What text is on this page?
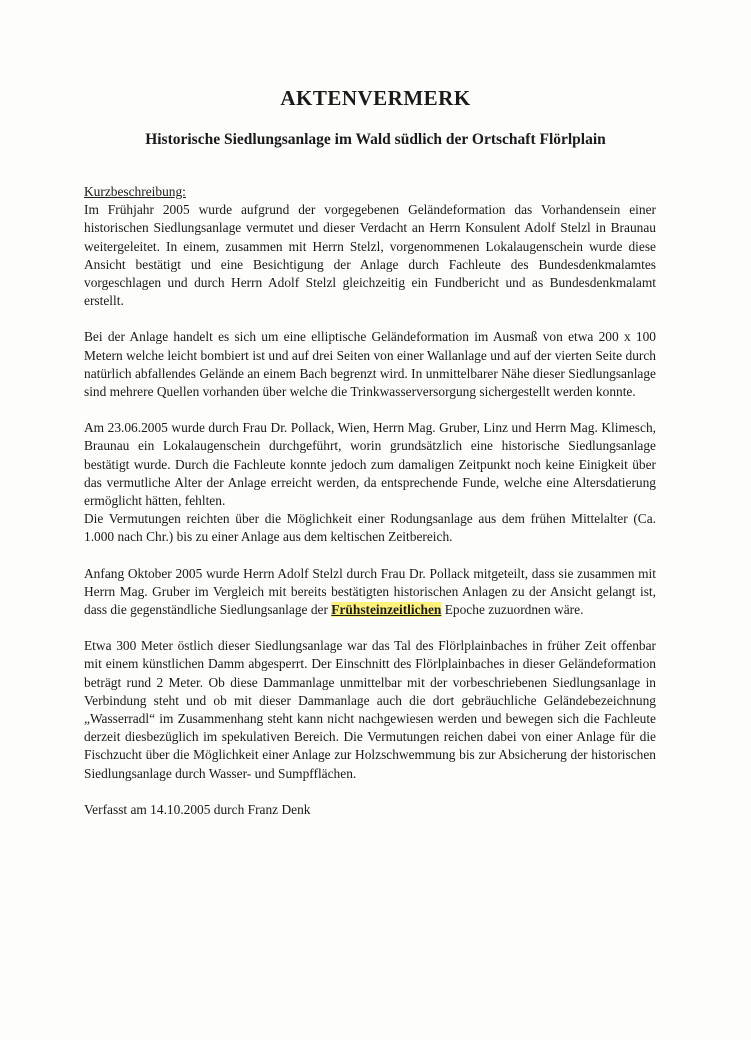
AKTENVERMERK
Historische Siedlungsanlage im Wald südlich der Ortschaft Flörlplain
Kurzbeschreibung:

Im Frühjahr 2005 wurde aufgrund der vorgegebenen Geländeformation das Vorhandensein einer historischen Siedlungsanlage vermutet und dieser Verdacht an Herrn Konsulent Adolf Stelzl in Braunau weitergeleitet. In einem, zusammen mit Herrn Stelzl, vorgenommenen Lokalaugenschein wurde diese Ansicht bestätigt und eine Besichtigung der Anlage durch Fachleute des Bundesdenkmalamtes vorgeschlagen und durch Herrn Adolf Stelzl gleichzeitig ein Fundbericht und as Bundesdenkmalamt erstellt.

Bei der Anlage handelt es sich um eine elliptische Geländeformation im Ausmaß von etwa 200 x 100 Metern welche leicht bombiert ist und auf drei Seiten von einer Wallanlage und auf der vierten Seite durch natürlich abfallendes Gelände an einem Bach begrenzt wird. In unmittelbarer Nähe dieser Siedlungsanlage sind mehrere Quellen vorhanden über welche die Trinkwasserversorgung sichergestellt werden konnte.

Am 23.06.2005 wurde durch Frau Dr. Pollack, Wien, Herrn Mag. Gruber, Linz und Herrn Mag. Klimesch, Braunau ein Lokalaugenschein durchgeführt, worin grundsätzlich eine historische Siedlungsanlage bestätigt wurde. Durch die Fachleute konnte jedoch zum damaligen Zeitpunkt noch keine Einigkeit über das vermutliche Alter der Anlage erreicht werden, da entsprechende Funde, welche eine Altersdatierung ermöglicht hätten, fehlten.

Die Vermutungen reichten über die Möglichkeit einer Rodungsanlage aus dem frühen Mittelalter (Ca. 1.000 nach Chr.) bis zu einer Anlage aus dem keltischen Zeitbereich.

Anfang Oktober 2005 wurde Herrn Adolf Stelzl durch Frau Dr. Pollack mitgeteilt, dass sie zusammen mit Herrn Mag. Gruber im Vergleich mit bereits bestätigten historischen Anlagen zu der Ansicht gelangt ist, dass die gegenständliche Siedlungsanlage der Frühsteinzeitlichen Epoche zuzuordnen wäre.

Etwa 300 Meter östlich dieser Siedlungsanlage war das Tal des Flörlplainbaches in früher Zeit offenbar mit einem künstlichen Damm abgesperrt. Der Einschnitt des Flörlplainbaches in dieser Geländeformation beträgt rund 2 Meter. Ob diese Dammanlage unmittelbar mit der vorbeschriebenen Siedlungsanlage in Verbindung steht und ob mit dieser Dammanlage auch die dort gebräuchliche Geländebezeichnung „Wasserradl“ im Zusammenhang steht kann nicht nachgewiesen werden und bewegen sich die Fachleute derzeit diesbezüglich im spekulativen Bereich. Die Vermutungen reichen dabei von einer Anlage für die Fischzucht über die Möglichkeit einer Anlage zur Holzschwemmung bis zur Absicherung der historischen Siedlungsanlage durch Wasser- und Sumpfflächen.

Verfasst am 14.10.2005 durch Franz Denk
